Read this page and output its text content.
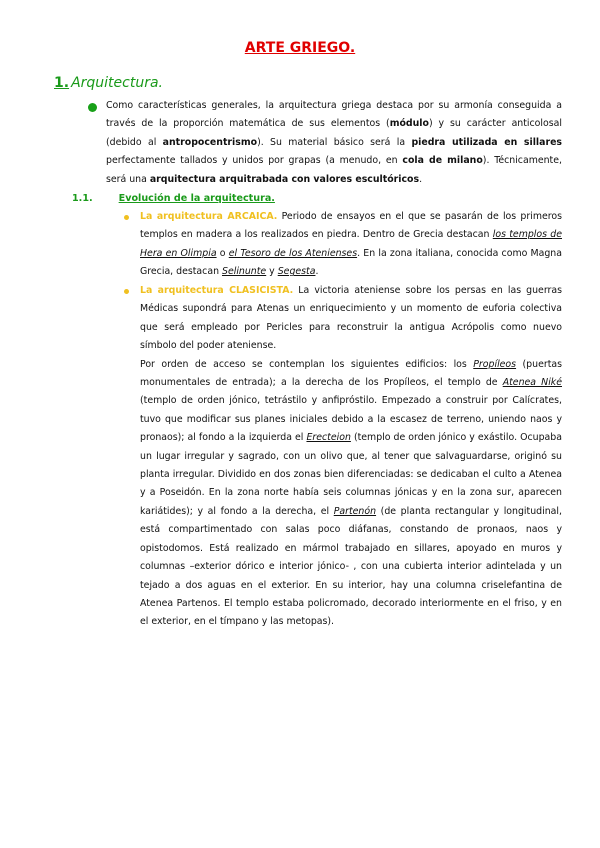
ARTE GRIEGO.
1. Arquitectura.
Como características generales, la arquitectura griega destaca por su armonía conseguida a través de la proporción matemática de sus elementos (módulo) y su carácter anticolosal (debido al antropocentrismo). Su material básico será la piedra utilizada en sillares perfectamente tallados y unidos por grapas (a menudo, en cola de milano). Técnicamente, será una arquitectura arquitrabada con valores escultóricos.
1.1.	Evolución de la arquitectura.
La arquitectura ARCAICA. Periodo de ensayos en el que se pasarán de los primeros templos en madera a los realizados en piedra. Dentro de Grecia destacan los templos de Hera en Olimpia o el Tesoro de los Atenienses. En la zona italiana, conocida como Magna Grecia, destacan Selinunte y Segesta.
La arquitectura CLASICISTA. La victoria ateniense sobre los persas en las guerras Médicas supondrá para Atenas un enriquecimiento y un momento de euforia colectiva que será empleado por Pericles para reconstruir la antigua Acrópolis como nuevo símbolo del poder ateniense.
Por orden de acceso se contemplan los siguientes edificios: los Propíleos (puertas monumentales de entrada); a la derecha de los Propíleos, el templo de Atenea Niké (templo de orden jónico, tetrástilo y anfipróstilo. Empezado a construir por Calícrates, tuvo que modificar sus planes iniciales debido a la escasez de terreno, uniendo naos y pronaos); al fondo a la izquierda el Erecteion (templo de orden jónico y exástilo. Ocupaba un lugar irregular y sagrado, con un olivo que, al tener que salvaguardarse, originó su planta irregular. Dividido en dos zonas bien diferenciadas: se dedicaban el culto a Atenea y a Poseidón. En la zona norte había seis columnas jónicas y en la zona sur, aparecen kariátides); y al fondo a la derecha, el Partenón (de planta rectangular y longitudinal, está compartimentado con salas poco diáfanas, constando de pronaos, naos y opistodomos. Está realizado en mármol trabajado en sillares, apoyado en muros y columnas –exterior dórico e interior jónico- , con una cubierta interior adintelada y un tejado a dos aguas en el exterior. En su interior, hay una columna criselefantina de Atenea Partenos. El templo estaba policromado, decorado interiormente en el friso, y en el exterior, en el tímpano y las metopas).
